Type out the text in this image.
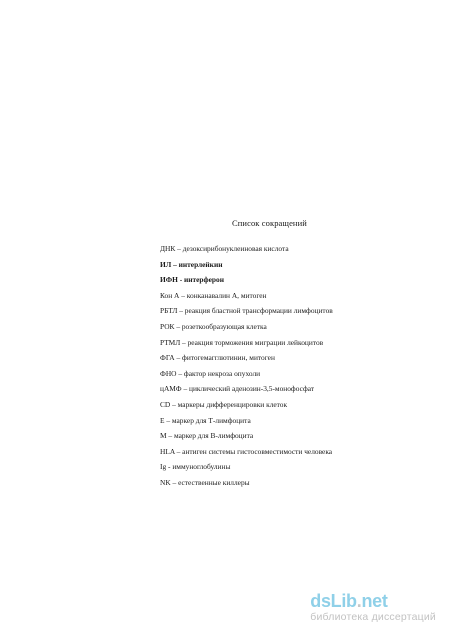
Список сокращений
ДНК – дезоксирибонуклеиновая кислота
ИЛ – интерлейкин
ИФН - интерферон
Кон А – конканавалин А, митоген
РБТЛ – реакция бластной трансформации лимфоцитов
РОК – розеткообразующая клетка
РТМЛ – реакция торможения миграции лейкоцитов
ФГА – фитогемагглютинин, митоген
ФНО – фактор некроза опухоли
цАМФ – циклический аденозин-3,5-монофосфат
CD – маркеры дифференцировки клеток
Е – маркер для Т-лимфоцита
М – маркер для В-лимфоцита
HLA – антиген системы гистосовместимости человека
Ig - иммуноглобулины
NK – естественные киллеры
dsLib.net
библиотека диссертаций
